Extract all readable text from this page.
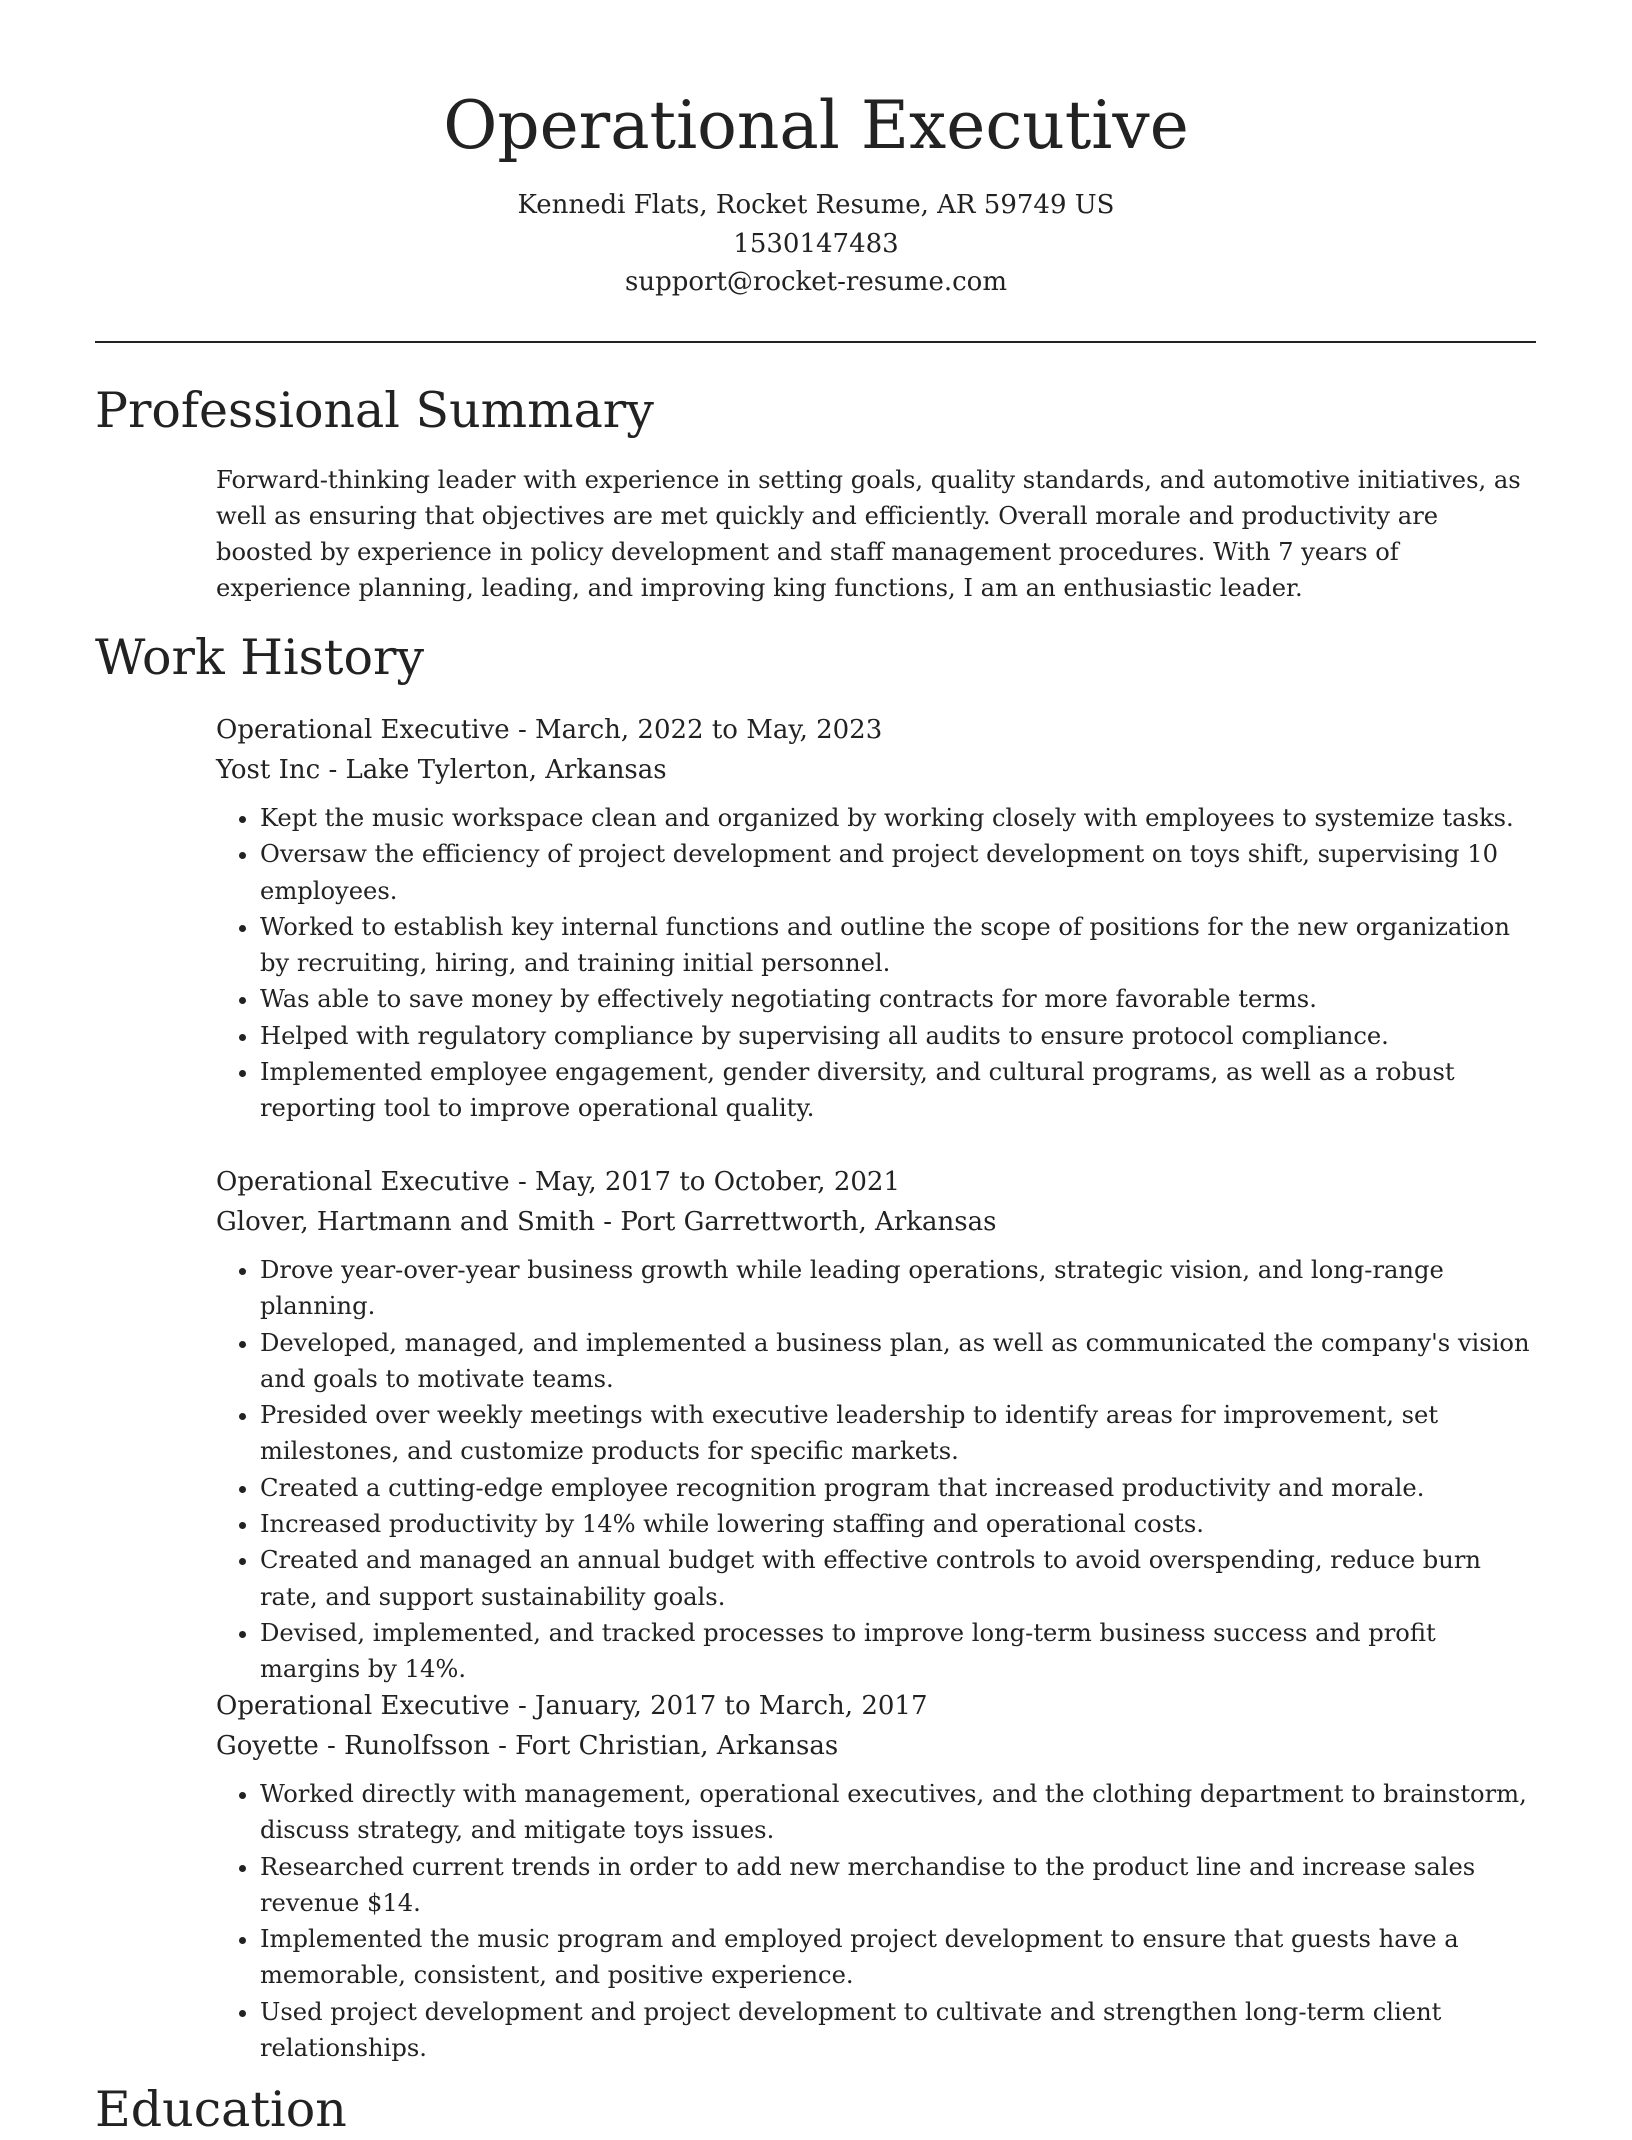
Operational Executive
Kennedi Flats, Rocket Resume, AR 59749 US
1530147483
support@rocket-resume.com
Professional Summary

Forward-thinking leader with experience in setting goals, quality standards, and automotive initiatives, as well as ensuring that objectives are met quickly and efficiently. Overall morale and productivity are boosted by experience in policy development and staff management procedures. With 7 years of experience planning, leading, and improving king functions, I am an enthusiastic leader.

Work History
Operational Executive - March, 2022 to May, 2023
Yost Inc - Lake Tylerton, Arkansas
• Kept the music workspace clean and organized by working closely with employees to systemize tasks.
• Oversaw the efficiency of project development and project development on toys shift, supervising 10 employees.
• Worked to establish key internal functions and outline the scope of positions for the new organization by recruiting, hiring, and training initial personnel.
• Was able to save money by effectively negotiating contracts for more favorable terms.
• Helped with regulatory compliance by supervising all audits to ensure protocol compliance.
• Implemented employee engagement, gender diversity, and cultural programs, as well as a robust reporting tool to improve operational quality.
Operational Executive - May, 2017 to October, 2021
Glover, Hartmann and Smith - Port Garrettworth, Arkansas
• Drove year-over-year business growth while leading operations, strategic vision, and long-range planning.
• Developed, managed, and implemented a business plan, as well as communicated the company's vision and goals to motivate teams.
• Presided over weekly meetings with executive leadership to identify areas for improvement, set milestones, and customize products for specific markets.
• Created a cutting-edge employee recognition program that increased productivity and morale.
• Increased productivity by 14% while lowering staffing and operational costs.
• Created and managed an annual budget with effective controls to avoid overspending, reduce burn rate, and support sustainability goals.
• Devised, implemented, and tracked processes to improve long-term business success and profit margins by 14%.
Operational Executive - January, 2017 to March, 2017
Goyette - Runolfsson - Fort Christian, Arkansas
• Worked directly with management, operational executives, and the clothing department to brainstorm, discuss strategy, and mitigate toys issues.
• Researched current trends in order to add new merchandise to the product line and increase sales revenue $14.
• Implemented the music program and employed project development to ensure that guests have a memorable, consistent, and positive experience.
• Used project development and project development to cultivate and strengthen long-term client relationships.
Education
